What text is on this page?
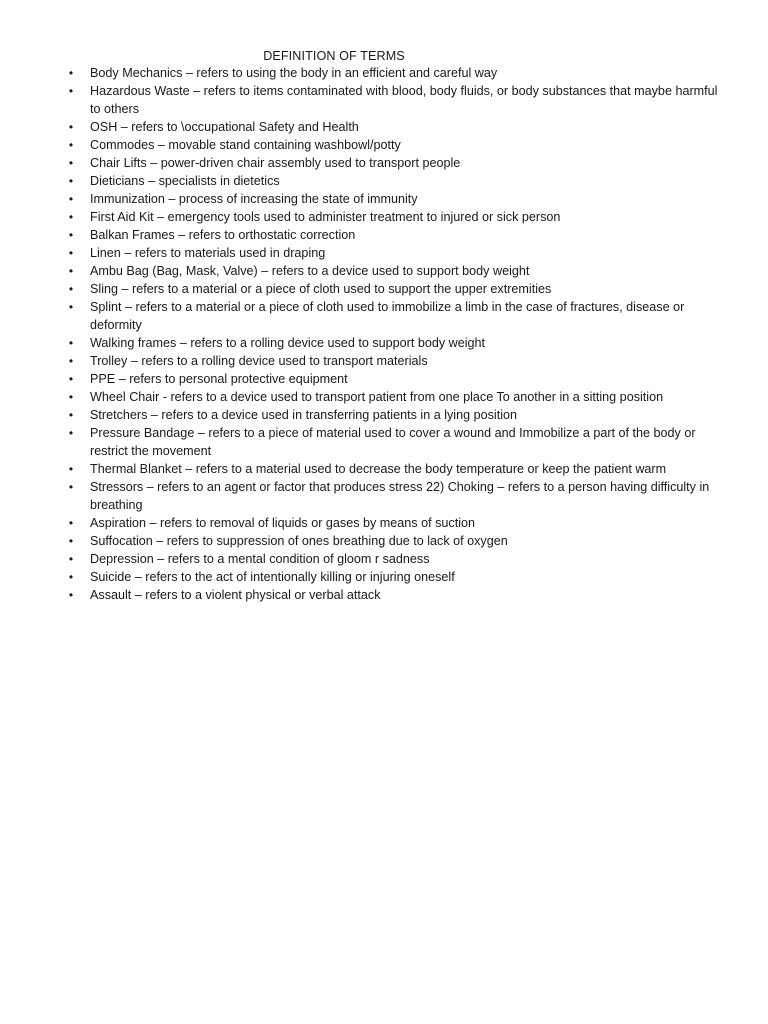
DEFINITION OF TERMS
• Body Mechanics – refers to using the body in an efficient and careful way
• Hazardous Waste – refers to items contaminated with blood, body fluids, or body substances that maybe harmful to others
• OSH – refers to \occupational Safety and Health
• Commodes – movable stand containing washbowl/potty
• Chair Lifts – power-driven chair assembly used to transport people
• Dieticians – specialists in dietetics
• Immunization – process of increasing the state of immunity
• First Aid Kit – emergency tools used to administer treatment to injured or sick person
• Balkan Frames – refers to orthostatic correction
• Linen – refers to materials used in draping
• Ambu Bag (Bag, Mask, Valve) – refers to a device used to support body weight
• Sling – refers to a material or a piece of cloth used to support the upper extremities
• Splint – refers to a material or a piece of cloth used to immobilize a limb in the case of fractures, disease or deformity
• Walking frames – refers to a rolling device used to support body weight
• Trolley – refers to a rolling device used to transport materials
• PPE – refers to personal protective equipment
• Wheel Chair - refers to a device used to transport patient from one place To another in a sitting position
• Stretchers – refers to a device used in transferring patients in a lying position
• Pressure Bandage – refers to a piece of material used to cover a wound and Immobilize a part of the body or restrict the movement
• Thermal Blanket – refers to a material used to decrease the body temperature or keep the patient warm
• Stressors – refers to an agent or factor that produces stress 22) Choking – refers to a person having difficulty in breathing
• Aspiration – refers to removal of liquids or gases by means of suction
• Suffocation – refers to suppression of ones breathing due to lack of oxygen
• Depression – refers to a mental condition of gloom r sadness
• Suicide – refers to the act of intentionally killing or injuring oneself
• Assault – refers to a violent physical or verbal attack
